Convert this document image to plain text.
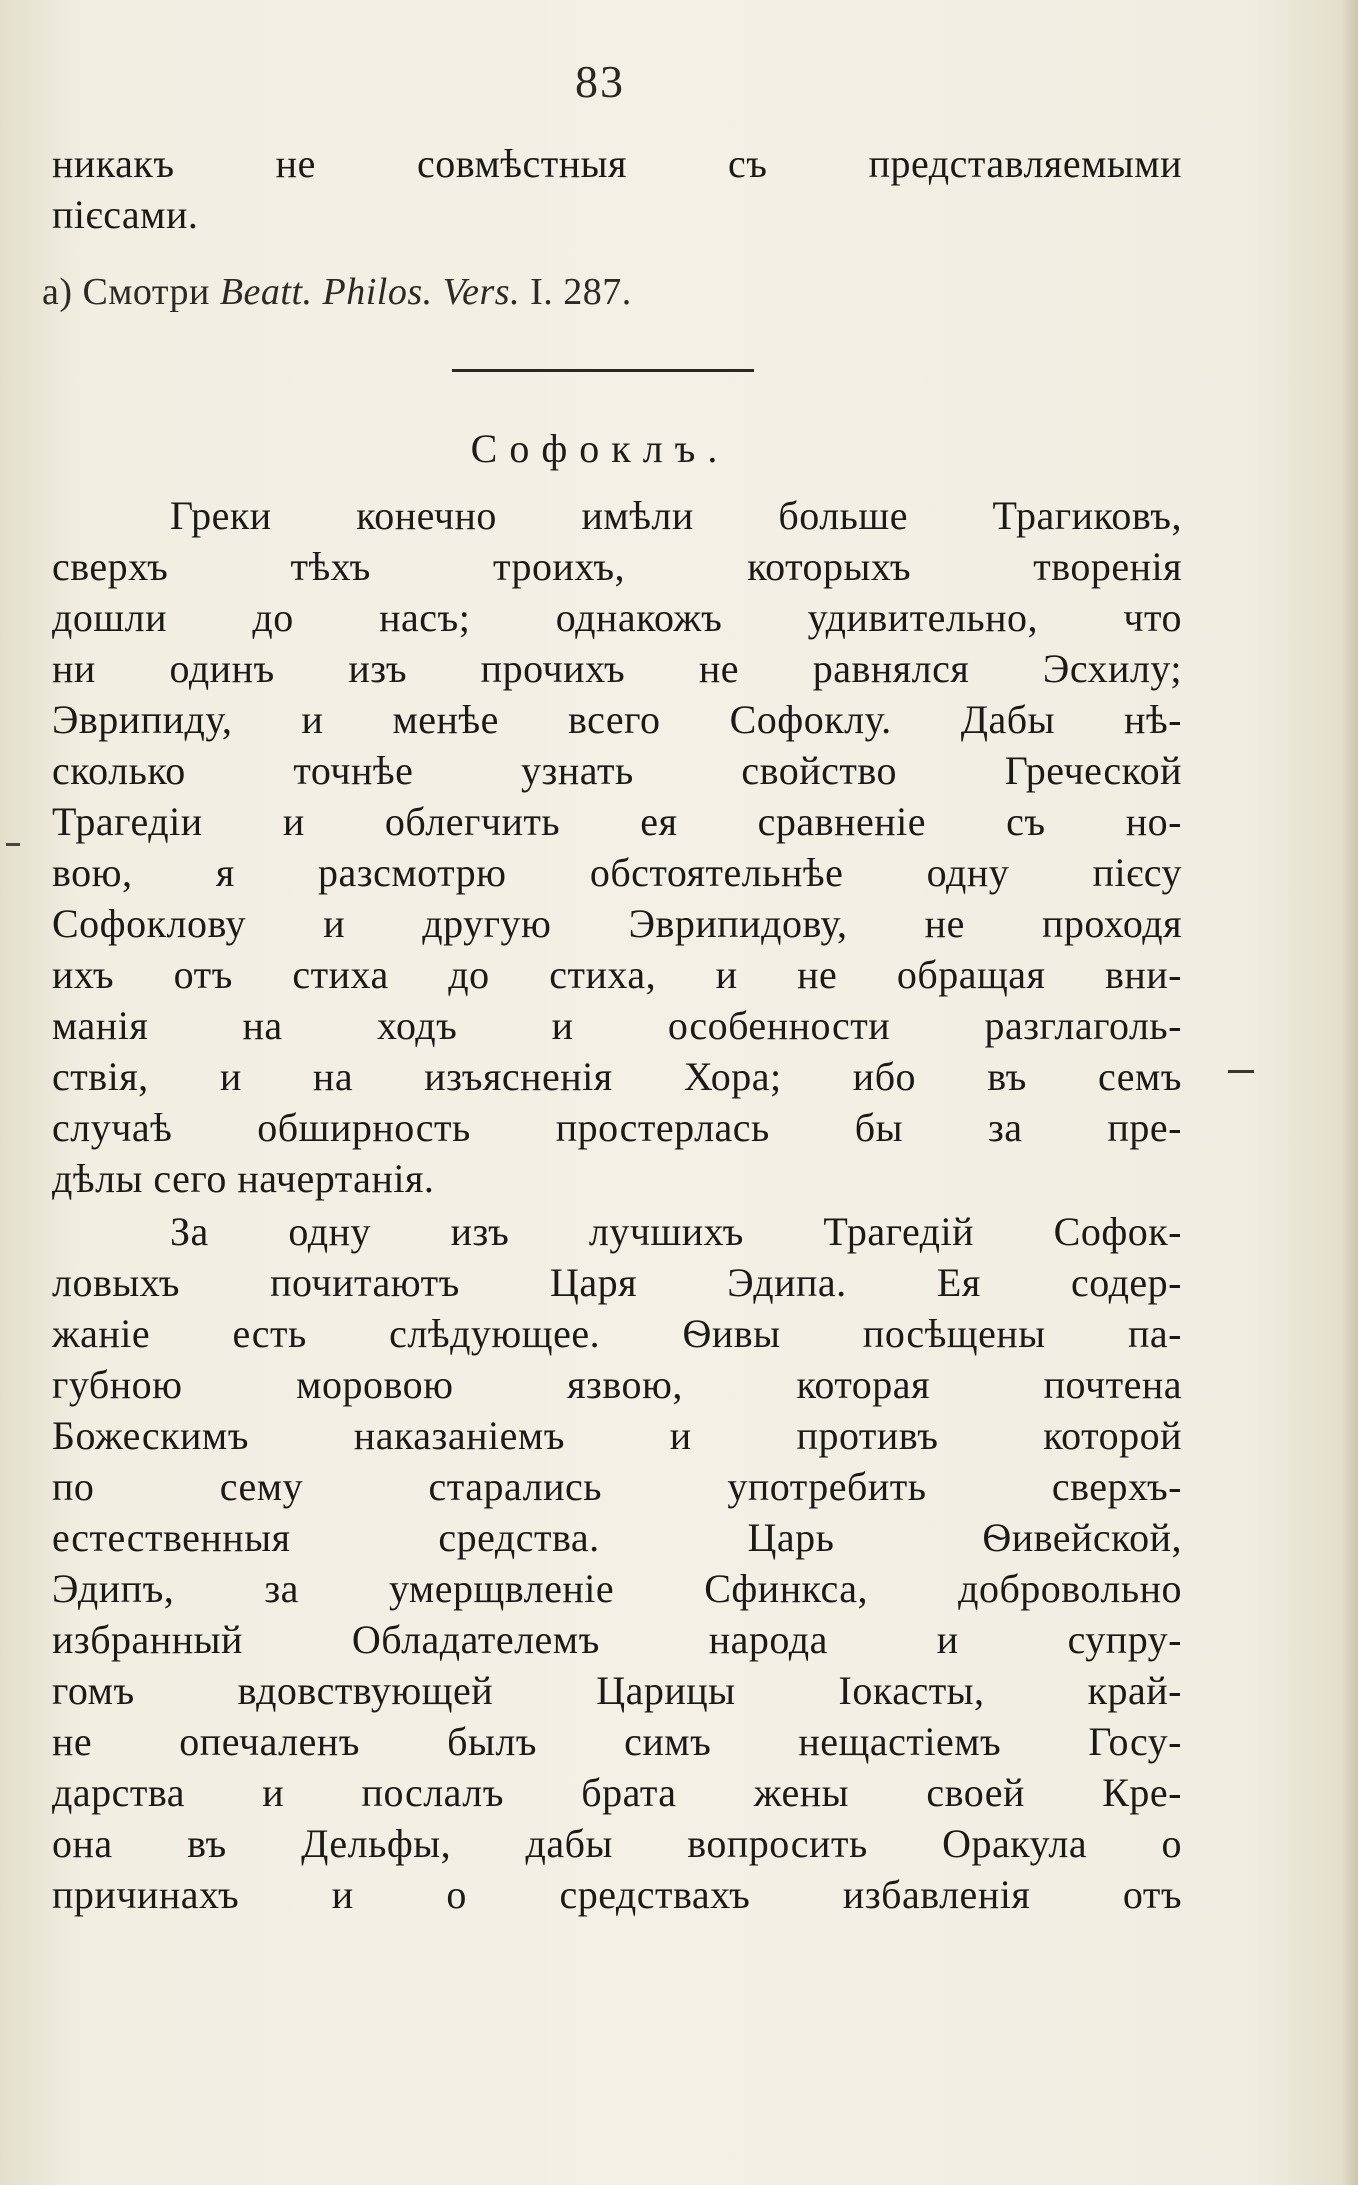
83
никакъ не совмѣстныя съ представляемыми
пієсами.
а) Смотри Beatt. Philos. Vers. I. 287.
Софоклъ.
Греки конечно имѣли больше Трагиковъ,
сверхъ тѣхъ троихъ, которыхъ творенія
дошли до насъ; однакожъ удивительно, что
ни одинъ изъ прочихъ не равнялся Эсхилу;
Эврипиду, и менѣе всего Софоклу. Дабы нѣ-
сколько точнѣе узнать свойство Греческой
Трагедіи и облегчить ея сравненіе съ но-
вою, я разсмотрю обстоятельнѣе одну пієсу
Софоклову и другую Эврипидову, не проходя
ихъ отъ стиха до стиха, и не обращая вни-
манія на ходъ и особенности разглаголь-
ствія, и на изъясненія Хора; ибо въ семъ
случаѣ обширность простерлась бы за пре-
дѣлы сего начертанія.
За одну изъ лучшихъ Трагедій Софок-
ловыхъ почитаютъ Царя Эдипа. Ея содер-
жаніе есть слѣдующее. Ѳивы посѣщены па-
губною моровою язвою, которая почтена
Божескимъ наказаніемъ и противъ которой
по сему старались употребить сверхъ-
естественныя средства. Царь Ѳивейской,
Эдипъ, за умерщвленіе Сфинкса, добровольно
избранный Обладателемъ народа и супру-
гомъ вдовствующей Царицы Іокасты, край-
не опечаленъ былъ симъ нещастіемъ Госу-
дарства и послалъ брата жены своей Кре-
она въ Дельфы, дабы вопросить Оракула о
причинахъ и о средствахъ избавленія отъ
